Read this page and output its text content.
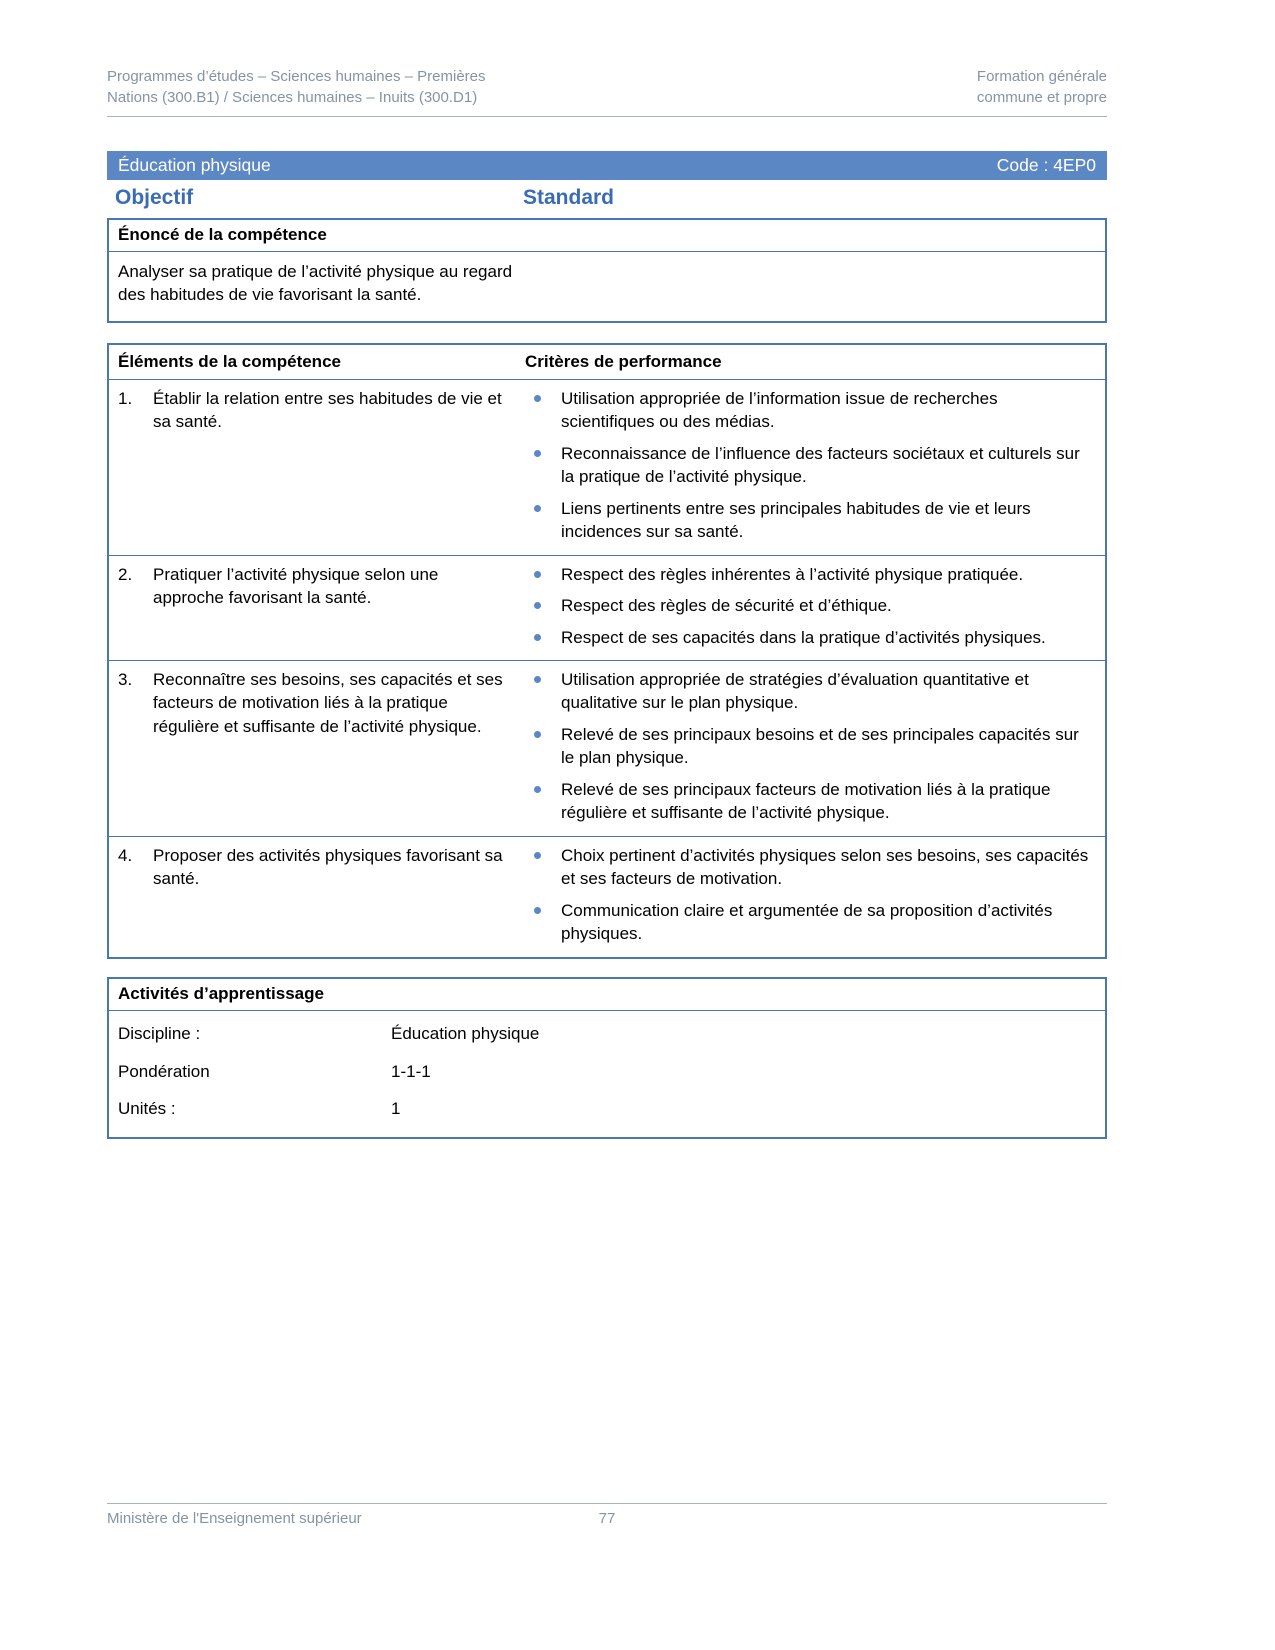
Programmes d’études – Sciences humaines – Premières
Nations (300.B1) / Sciences humaines – Inuits (300.D1)
Formation générale
commune et propre
Éducation physique	Code : 4EP0
Objectif	Standard
Énoncé de la compétence

Analyser sa pratique de l’activité physique au regard des habitudes de vie favorisant la santé.

Éléments de la compétence	Critères de performance
1.	Établir la relation entre ses habitudes de vie et sa santé.
Utilisation appropriée de l’information issue de recherches scientifiques ou des médias.
Reconnaissance de l’influence des facteurs sociétaux et culturels sur la pratique de l’activité physique.
Liens pertinents entre ses principales habitudes de vie et leurs incidences sur sa santé.
2.	Pratiquer l’activité physique selon une approche favorisant la santé.
Respect des règles inhérentes à l’activité physique pratiquée.
Respect des règles de sécurité et d’éthique.
Respect de ses capacités dans la pratique d’activités physiques.
3.	Reconnaître ses besoins, ses capacités et ses facteurs de motivation liés à la pratique régulière et suffisante de l’activité physique.
Utilisation appropriée de stratégies d’évaluation quantitative et qualitative sur le plan physique.
Relevé de ses principaux besoins et de ses principales capacités sur le plan physique.
Relevé de ses principaux facteurs de motivation liés à la pratique régulière et suffisante de l’activité physique.
4.	Proposer des activités physiques favorisant sa santé.
Choix pertinent d’activités physiques selon ses besoins, ses capacités et ses facteurs de motivation.
Communication claire et argumentée de sa proposition d’activités physiques.
Activités d’apprentissage
Discipline :	Éducation physique
Pondération	1-1-1
Unités :	1
Ministère de l'Enseignement supérieur	77
